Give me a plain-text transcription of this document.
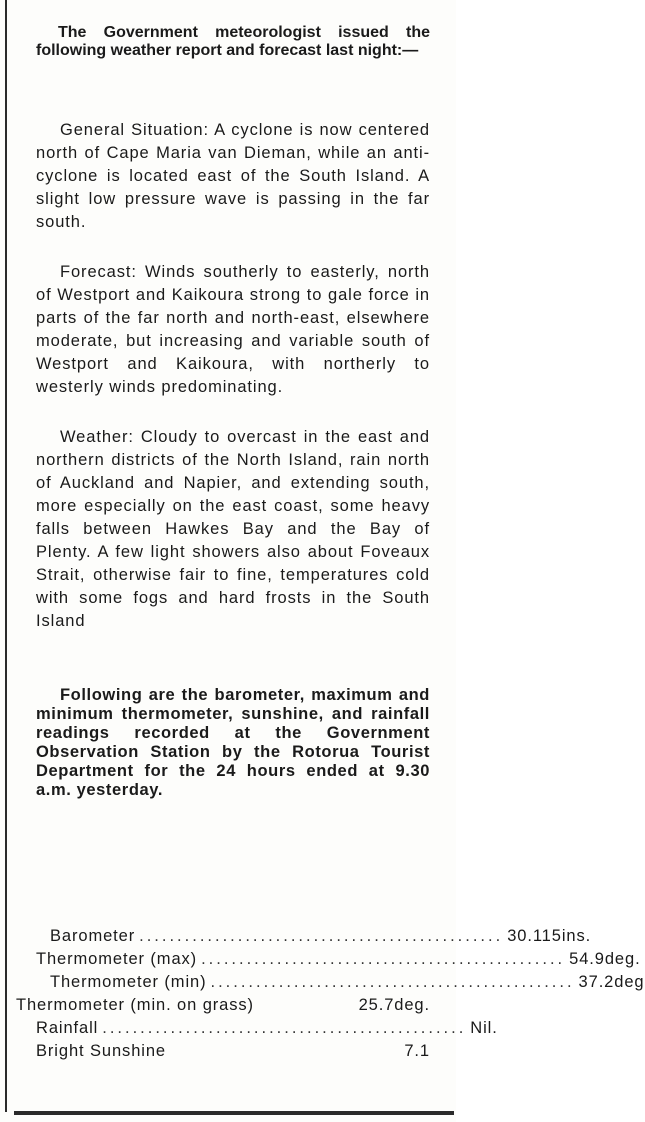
The Government meteorologist issued the following weather report and forecast last night:—

General Situation: A cyclone is now centered north of Cape Maria van Dieman, while an anti-cyclone is located east of the South Island. A slight low pressure wave is passing in the far south.

Forecast: Winds southerly to easterly, north of Westport and Kaikoura strong to gale force in parts of the far north and north-east, elsewhere moderate, but increasing and variable south of Westport and Kaikoura, with northerly to westerly winds predominating.

Weather: Cloudy to overcast in the east and northern districts of the North Island, rain north of Auckland and Napier, and extending south, more especially on the east coast, some heavy falls between Hawkes Bay and the Bay of Plenty. A few light showers also about Foveaux Strait, otherwise fair to fine, temperatures cold with some fogs and hard frosts in the South Island

Following are the barometer, maximum and minimum thermometer, sunshine, and rainfall readings recorded at the Government Observation Station by the Rotorua Tourist Department for the 24 hours ended at 9.30 a.m. yesterday.

Barometer ................................................ 30.115ins.
Thermometer (max) ................................................ 54.9deg.
Thermometer (min) ................................................ 37.2deg
Thermometer (min. on grass)	25.7deg.
Rainfall ................................................ Nil.
Bright Sunshine	7.1
